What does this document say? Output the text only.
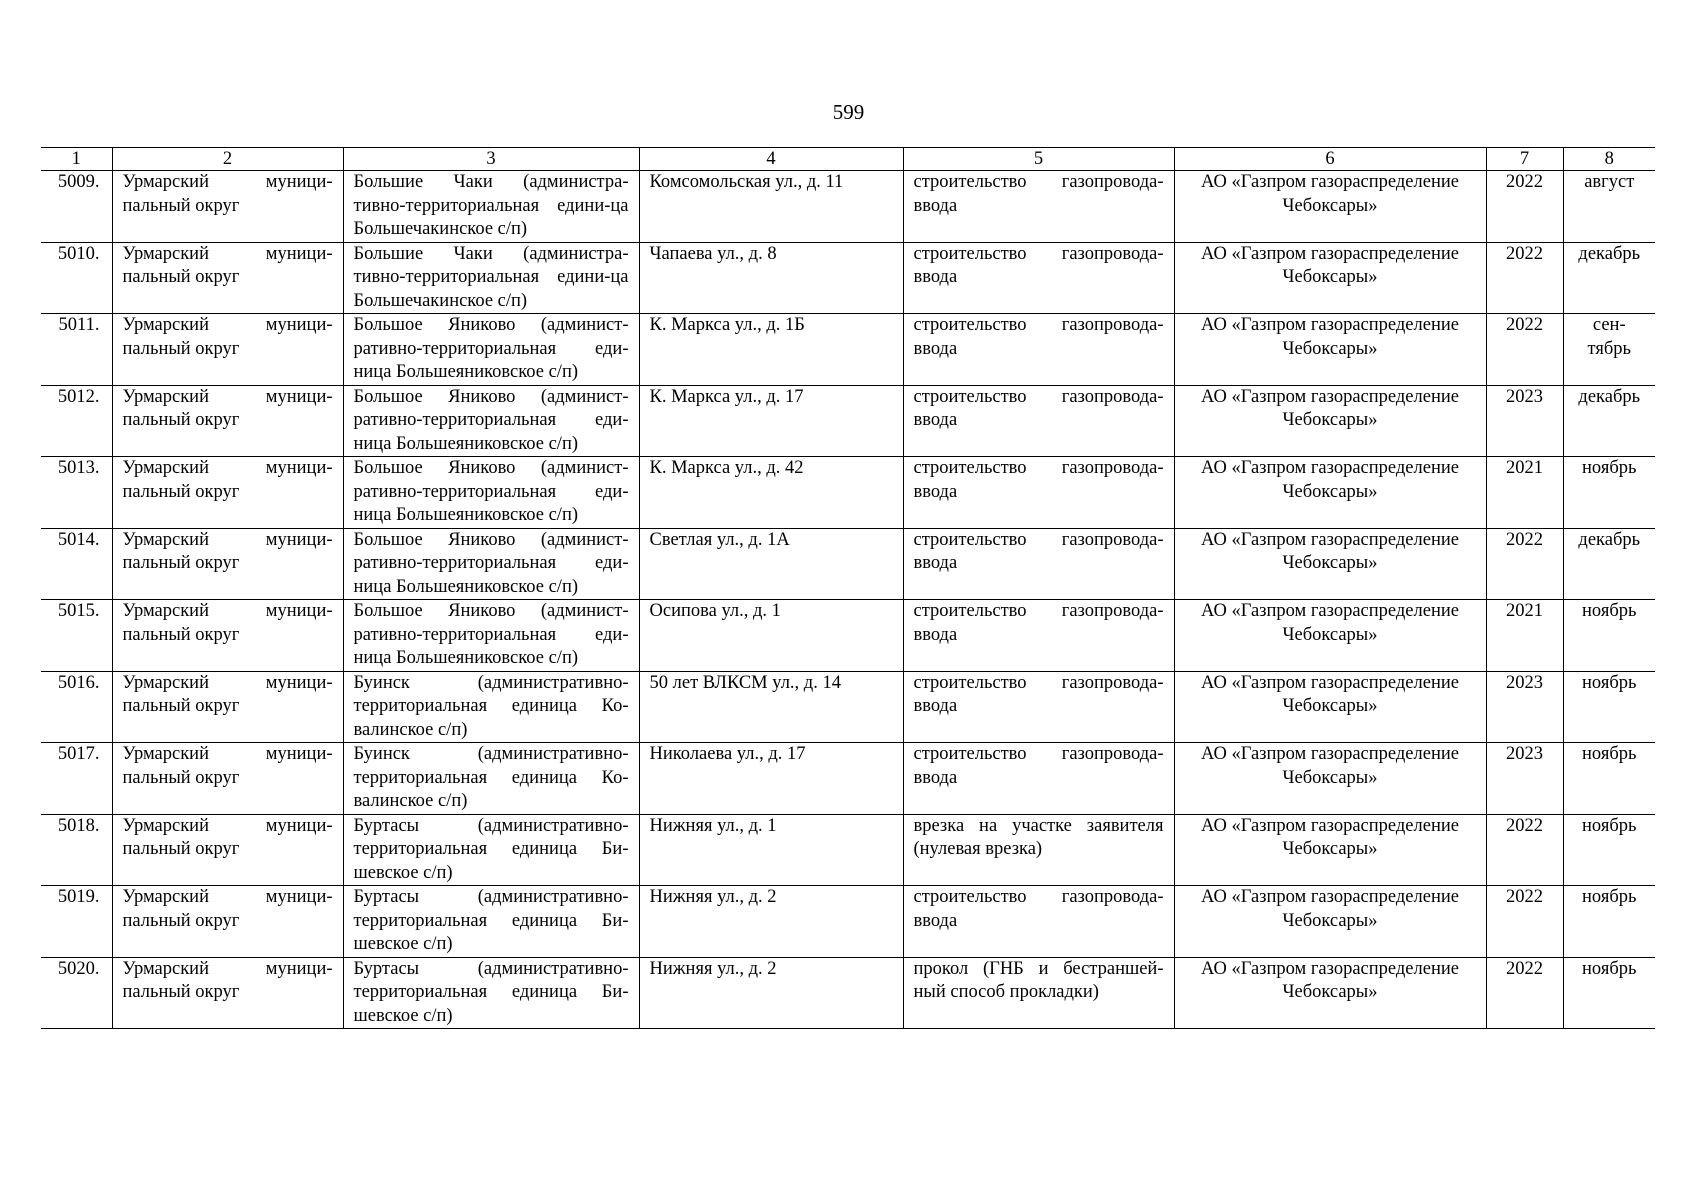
599
1	2	3	4	5	6	7	8
5009.	Урмарский муници-пальный округ	Большие Чаки (администра-тивно-территориальная едини-ца Большечакинское с/п)	Комсомольская ул., д. 11	строительство газопровода-ввода	АО «Газпром газораспределение Чебоксары»	2022	август
5010.	Урмарский муници-пальный округ	Большие Чаки (администра-тивно-территориальная едини-ца Большечакинское с/п)	Чапаева ул., д. 8	строительство газопровода-ввода	АО «Газпром газораспределение Чебоксары»	2022	декабрь
5011.	Урмарский муници-пальный округ	Большое Яниково (админист-ративно-территориальная еди-ница Большеяниковское с/п)	К. Маркса ул., д. 1Б	строительство газопровода-ввода	АО «Газпром газораспределение Чебоксары»	2022	сен-тябрь
5012.	Урмарский муници-пальный округ	Большое Яниково (админист-ративно-территориальная еди-ница Большеяниковское с/п)	К. Маркса ул., д. 17	строительство газопровода-ввода	АО «Газпром газораспределение Чебоксары»	2023	декабрь
5013.	Урмарский муници-пальный округ	Большое Яниково (админист-ративно-территориальная еди-ница Большеяниковское с/п)	К. Маркса ул., д. 42	строительство газопровода-ввода	АО «Газпром газораспределение Чебоксары»	2021	ноябрь
5014.	Урмарский муници-пальный округ	Большое Яниково (админист-ративно-территориальная еди-ница Большеяниковское с/п)	Светлая ул., д. 1А	строительство газопровода-ввода	АО «Газпром газораспределение Чебоксары»	2022	декабрь
5015.	Урмарский муници-пальный округ	Большое Яниково (админист-ративно-территориальная еди-ница Большеяниковское с/п)	Осипова ул., д. 1	строительство газопровода-ввода	АО «Газпром газораспределение Чебоксары»	2021	ноябрь
5016.	Урмарский муници-пальный округ	Буинск (административно-территориальная единица Ко-валинское с/п)	50 лет ВЛКСМ ул., д. 14	строительство газопровода-ввода	АО «Газпром газораспределение Чебоксары»	2023	ноябрь
5017.	Урмарский муници-пальный округ	Буинск (административно-территориальная единица Ко-валинское с/п)	Николаева ул., д. 17	строительство газопровода-ввода	АО «Газпром газораспределение Чебоксары»	2023	ноябрь
5018.	Урмарский муници-пальный округ	Буртасы (административно-территориальная единица Би-шевское с/п)	Нижняя ул., д. 1	врезка на участке заявителя (нулевая врезка)	АО «Газпром газораспределение Чебоксары»	2022	ноябрь
5019.	Урмарский муници-пальный округ	Буртасы (административно-территориальная единица Би-шевское с/п)	Нижняя ул., д. 2	строительство газопровода-ввода	АО «Газпром газораспределение Чебоксары»	2022	ноябрь
5020.	Урмарский муници-пальный округ	Буртасы (административно-территориальная единица Би-шевское с/п)	Нижняя ул., д. 2	прокол (ГНБ и бестраншей-ный способ прокладки)	АО «Газпром газораспределение Чебоксары»	2022	ноябрь
